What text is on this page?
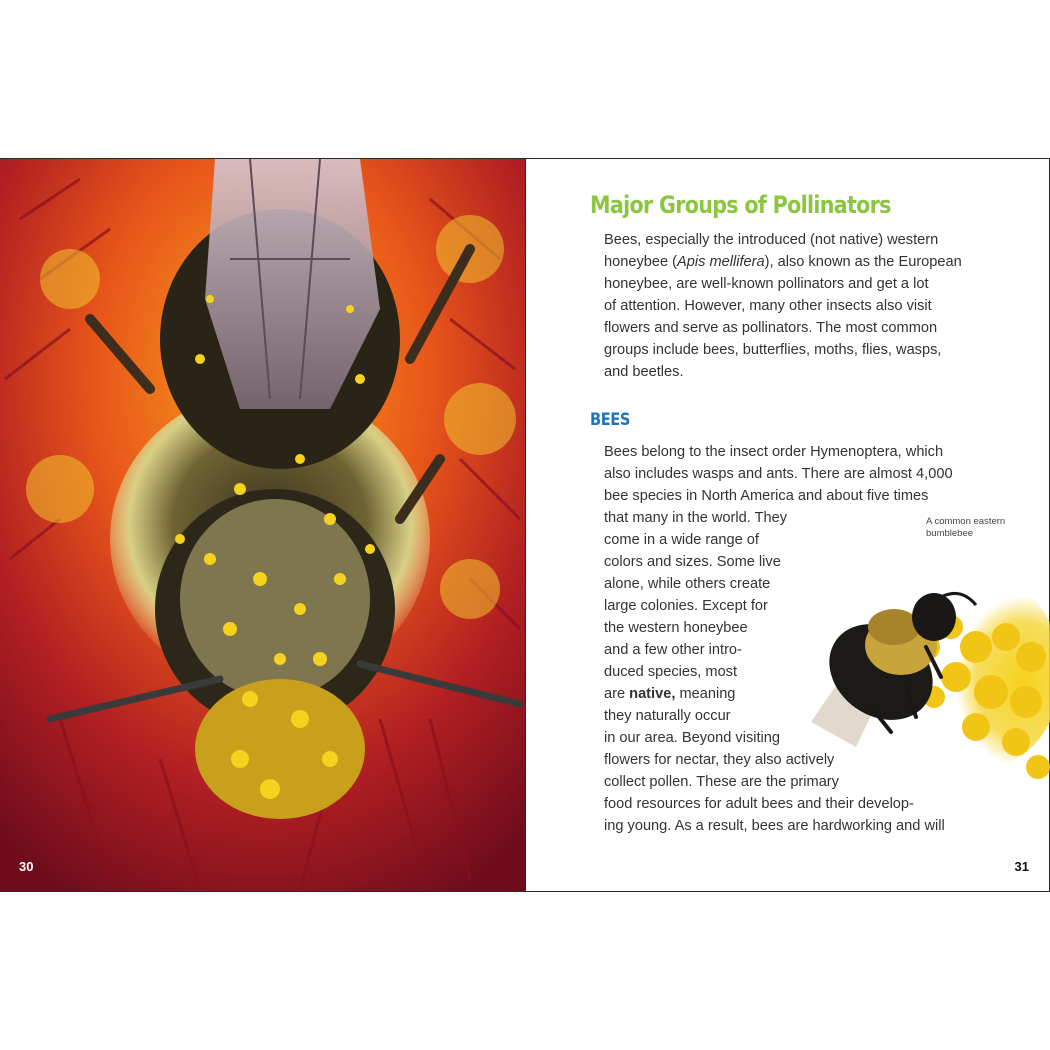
30
Major Groups of Pollinators
Bees, especially the introduced (not native) western
honeybee (Apis mellifera), also known as the European
honeybee, are well-known pollinators and get a lot
of attention. However, many other insects also visit
flowers and serve as pollinators. The most common
groups include bees, butterflies, moths, flies, wasps,
and beetles.
BEES
Bees belong to the insect order Hymenoptera, which
also includes wasps and ants. There are almost 4,000
bee species in North America and about five times
that many in the world. They
come in a wide range of
colors and sizes. Some live
alone, while others create
large colonies. Except for
the western honeybee
and a few other intro-
duced species, most
are native, meaning
they naturally occur
in our area. Beyond visiting
flowers for nectar, they also actively
collect pollen. These are the primary
food resources for adult bees and their develop-
ing young. As a result, bees are hardworking and will
A common eastern bumblebee
31
